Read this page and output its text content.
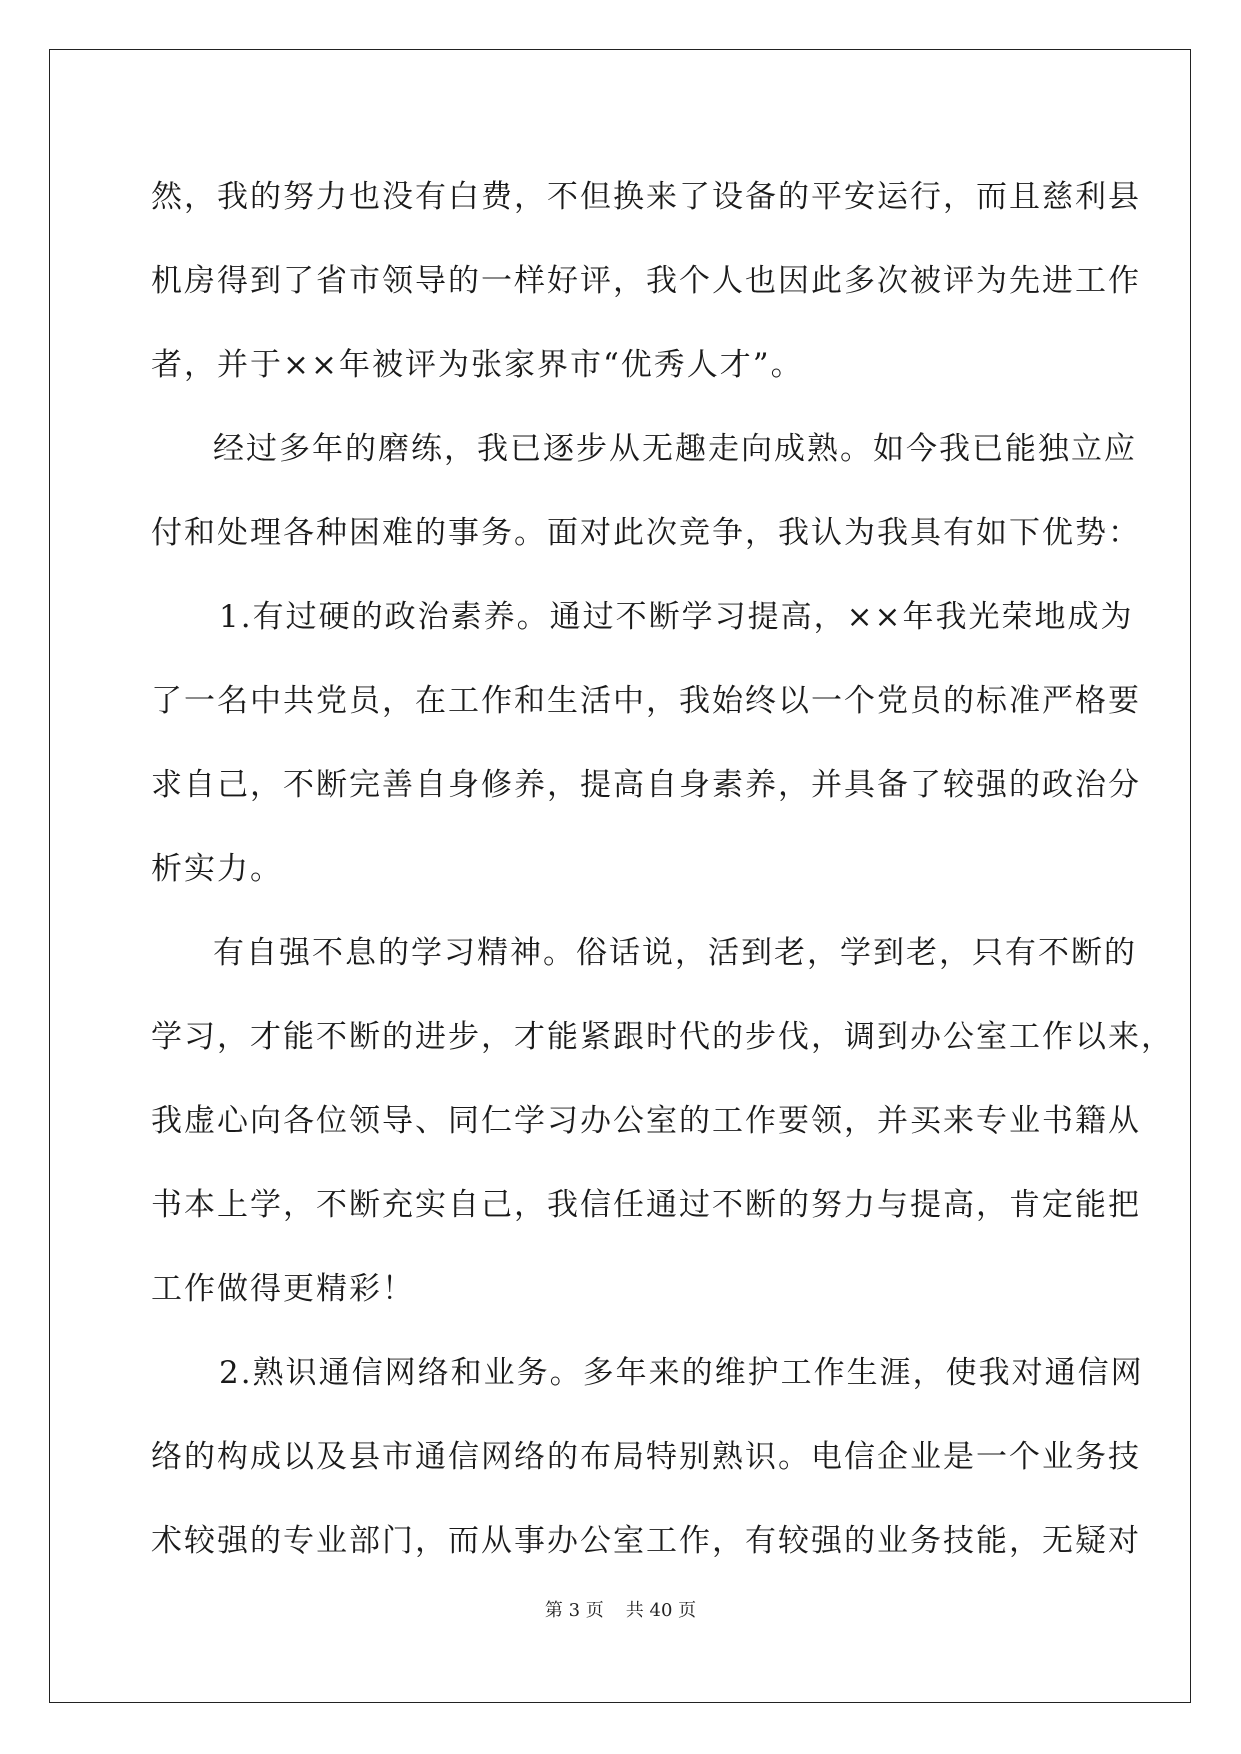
然，我的努力也没有白费，不但换来了设备的平安运行，而且慈利县
机房得到了省市领导的一样好评，我个人也因此多次被评为先进工作
者，并于××年被评为张家界市“优秀人才”。
经过多年的磨练，我已逐步从无趣走向成熟。如今我已能独立应
付和处理各种困难的事务。面对此次竞争，我认为我具有如下优势：
1.有过硬的政治素养。通过不断学习提高，××年我光荣地成为
了一名中共党员，在工作和生活中，我始终以一个党员的标准严格要
求自己，不断完善自身修养，提高自身素养，并具备了较强的政治分
析实力。
有自强不息的学习精神。俗话说，活到老，学到老，只有不断的
学习，才能不断的进步，才能紧跟时代的步伐，调到办公室工作以来，
我虚心向各位领导、同仁学习办公室的工作要领，并买来专业书籍从
书本上学，不断充实自己，我信任通过不断的努力与提高，肯定能把
工作做得更精彩！
2.熟识通信网络和业务。多年来的维护工作生涯，使我对通信网
络的构成以及县市通信网络的布局特别熟识。电信企业是一个业务技
术较强的专业部门，而从事办公室工作，有较强的业务技能，无疑对
第 3 页 共 40 页
